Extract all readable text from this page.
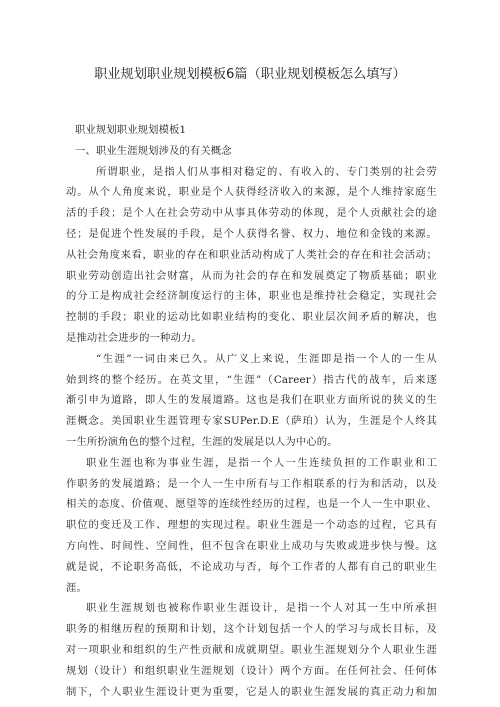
职业规划职业规划模板6篇（职业规划模板怎么填写）
职业规划职业规划模板1
一、职业生涯规划涉及的有关概念
所谓职业，是指人们从事相对稳定的、有收入的、专门类别的社会劳
动。从个人角度来说，职业是个人获得经济收入的来源，是个人维持家庭生
活的手段；是个人在社会劳动中从事具体劳动的体现，是个人贡献社会的途
径；是促进个性发展的手段，是个人获得名誉、权力、地位和金钱的来源。
从社会角度来看，职业的存在和职业活动构成了人类社会的存在和社会活动；
职业劳动创造出社会财富，从而为社会的存在和发展奠定了物质基础；职业
的分工是构成社会经济制度运行的主体，职业也是维持社会稳定，实现社会
控制的手段；职业的运动比如职业结构的变化、职业层次间矛盾的解决，也
是推动社会进步的一种动力。
“生涯”一词由来已久。从广义上来说，生涯即是指一个人的一生从
始到终的整个经历。在英文里，“生涯”（Career）指古代的战车，后来逐
渐引申为道路，即人生的发展道路。这也是我们在职业方面所说的狭义的生
涯概念。美国职业生涯管理专家SUPer.D.E（萨珀）认为，生涯是个人终其
一生所扮演角色的整个过程，生涯的发展是以人为中心的。
职业生涯也称为事业生涯，是指一个人一生连续负担的工作职业和工
作职务的发展道路；是一个人一生中所有与工作相联系的行为和活动，以及
相关的态度、价值观、愿望等的连续性经历的过程，也是一个人一生中职业、
职位的变迁及工作、理想的实现过程。职业生涯是一个动态的过程，它具有
方向性、时间性、空间性，但不包含在职业上成功与失败或进步快与慢。这
就是说，不论职务高低，不论成功与否，每个工作者的人都有自己的职业生
涯。
职业生涯规划也被称作职业生涯设计，是指一个人对其一生中所承担
职务的相继历程的预期和计划，这个计划包括一个人的学习与成长目标，及
对一项职业和组织的生产性贡献和成就期望。职业生涯规划分个人职业生涯
规划（设计）和组织职业生涯规划（设计）两个方面。在任何社会、任何体
制下，个人职业生涯设计更为重要，它是人的职业生涯发展的真正动力和加
